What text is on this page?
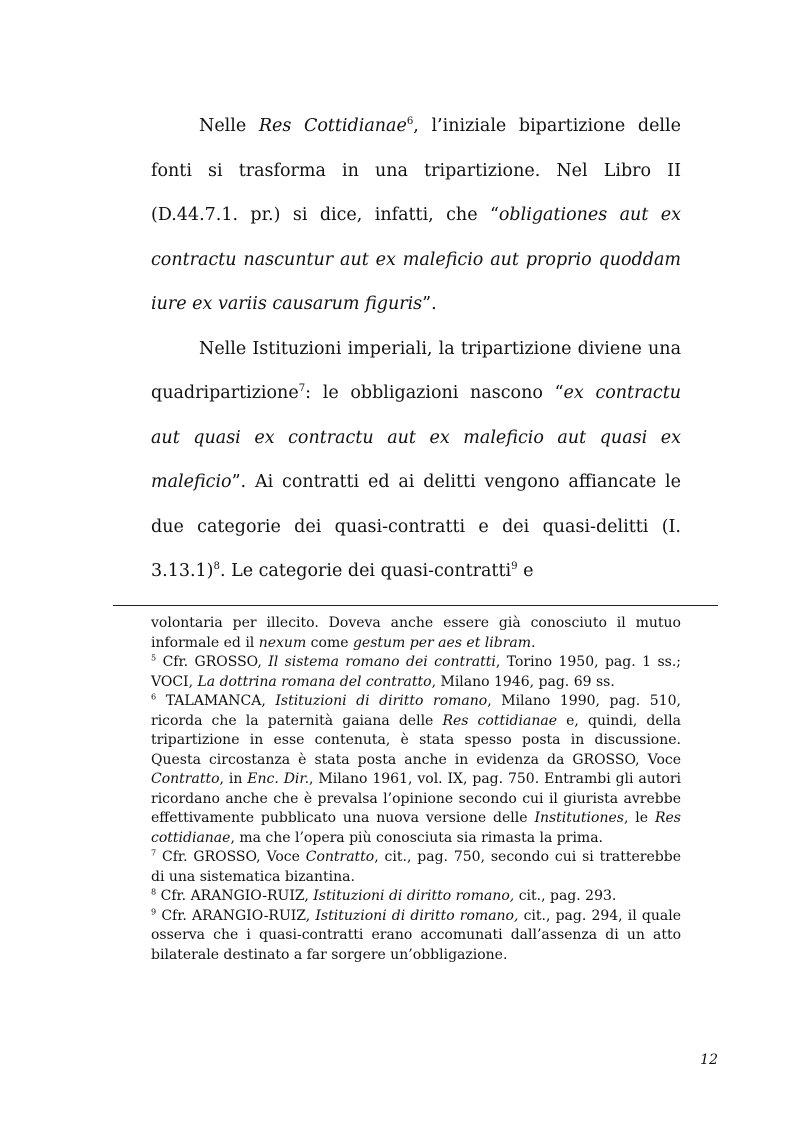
Nelle Res Cottidianae$^6$, l’iniziale bipartizione delle fonti si trasforma in una tripartizione. Nel Libro II (D.44.7.1. pr.) si dice, infatti, che “obligationes aut ex contractu nascuntur aut ex maleficio aut proprio quoddam iure ex variis causarum figuris”.

Nelle Istituzioni imperiali, la tripartizione diviene una quadripartizione$^7$: le obbligazioni nascono “ex contractu aut quasi ex contractu aut ex maleficio aut quasi ex maleficio”. Ai contratti ed ai delitti vengono affiancate le due categorie dei quasi-contratti e dei quasi-delitti (I. 3.13.1)$^8$. Le categorie dei quasi-contratti$^9$ e

volontaria per illecito. Doveva anche essere già conosciuto il mutuo informale ed il nexum come gestum per aes et libram.

$^5$ Cfr. GROSSO, Il sistema romano dei contratti, Torino 1950, pag. 1 ss.; VOCI, La dottrina romana del contratto, Milano 1946, pag. 69 ss.

$^6$ TALAMANCA, Istituzioni di diritto romano, Milano 1990, pag. 510, ricorda che la paternità gaiana delle Res cottidianae e, quindi, della tripartizione in esse contenuta, è stata spesso posta in discussione. Questa circostanza è stata posta anche in evidenza da GROSSO, Voce Contratto, in Enc. Dir., Milano 1961, vol. IX, pag. 750. Entrambi gli autori ricordano anche che è prevalsa l’opinione secondo cui il giurista avrebbe effettivamente pubblicato una nuova versione delle Institutiones, le Res cottidianae, ma che l’opera più conosciuta sia rimasta la prima.

$^7$ Cfr. GROSSO, Voce Contratto, cit., pag. 750, secondo cui si tratterebbe di una sistematica bizantina.

$^8$ Cfr. ARANGIO-RUIZ, Istituzioni di diritto romano, cit., pag. 293.

$^9$ Cfr. ARANGIO-RUIZ, Istituzioni di diritto romano, cit., pag. 294, il quale osserva che i quasi-contratti erano accomunati dall’assenza di un atto bilaterale destinato a far sorgere un’obbligazione.

12
